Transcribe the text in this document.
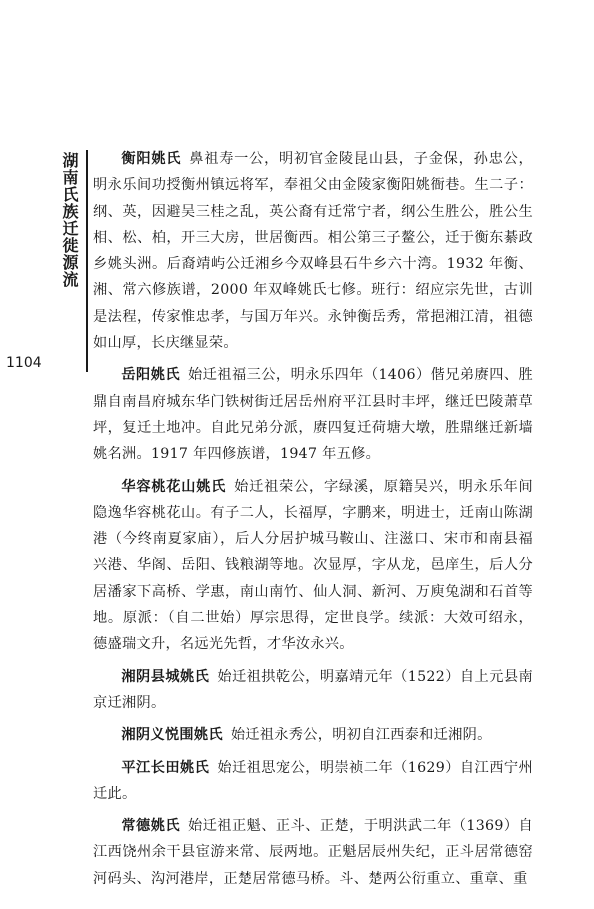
湖南氏族迁徙源流
1104

衡阳姚氏 鼻祖寿一公，明初官金陵昆山县，子金保，孙忠公，明永乐间功授衡州镇远将军，奉祖父由金陵家衡阳姚衙巷。生二子：纲、英，因避吴三桂之乱，英公裔有迁常宁者，纲公生胜公，胜公生相、松、柏，开三大房，世居衡西。相公第三子鳌公，迁于衡东綦政乡姚头洲。后裔靖屿公迁湘乡今双峰县石牛乡六十湾。1932 年衡、湘、常六修族谱，2000 年双峰姚氏七修。班行：绍应宗先世，古训是法程，传家惟忠孝，与国万年兴。永钟衡岳秀，常挹湘江清，祖德如山厚，长庆继显荣。

岳阳姚氏 始迁祖福三公，明永乐四年（1406）偕兄弟赓四、胜鼎自南昌府城东华门铁树街迁居岳州府平江县时丰坪，继迁巴陵萧草坪，复迁土地冲。自此兄弟分派，赓四复迁荷塘大墩，胜鼎继迁新墙姚名洲。1917 年四修族谱，1947 年五修。

华容桃花山姚氏 始迁祖荣公，字绿溪，原籍吴兴，明永乐年间隐逸华容桃花山。有子二人，长福厚，字鹏来，明进士，迁南山陈湖港（今终南夏家庙），后人分居护城马鞍山、注滋口、宋市和南县福兴港、华阁、岳阳、钱粮湖等地。次显厚，字从龙，邑庠生，后人分居潘家下高桥、学惠，南山南竹、仙人洞、新河、万庾兔湖和石首等地。原派：（自二世始）厚宗思得，定世良学。续派：大效可绍永，德盛瑞文升，名远光先哲，才华汝永兴。

湘阴县城姚氏 始迁祖拱乾公，明嘉靖元年（1522）自上元县南京迁湘阴。

湘阴义悦围姚氏 始迁祖永秀公，明初自江西泰和迁湘阴。

平江长田姚氏 始迁祖思宠公，明崇祯二年（1629）自江西宁州迁此。

常德姚氏 始迁祖正魁、正斗、正楚，于明洪武二年（1369）自江西饶州余干县宦游来常、辰两地。正魁居辰州失纪，正斗居常德窑河码头、沟河港岸，正楚居常德马桥。斗、楚两公衍重立、重章、重
